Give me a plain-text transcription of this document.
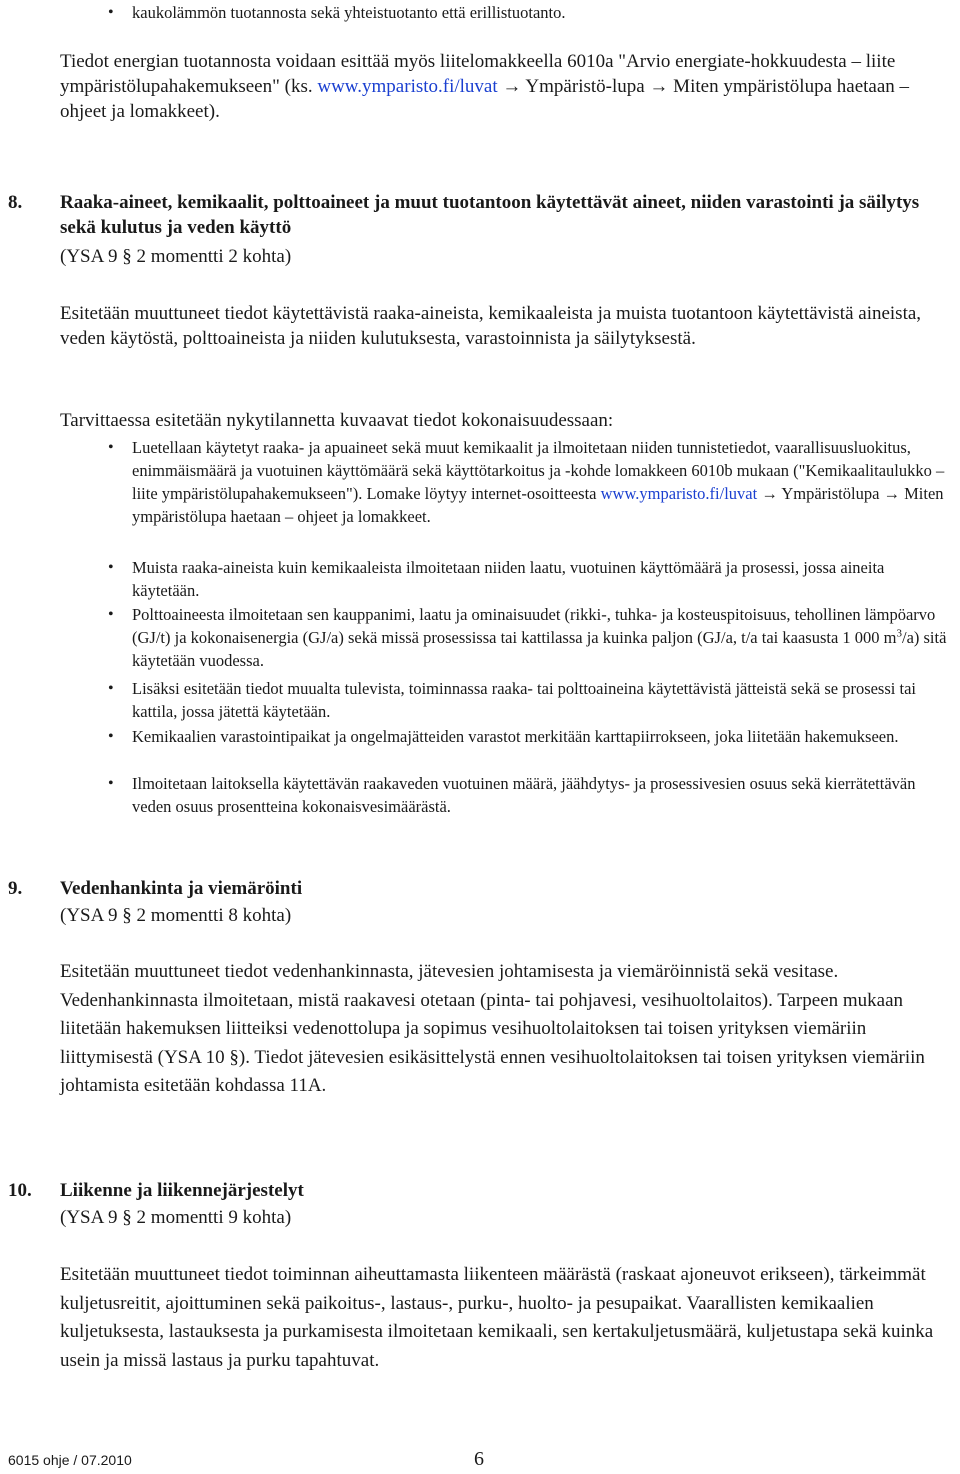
• kaukolämmön tuotannosta sekä yhteistuotanto että erillistuotanto.

Tiedot energian tuotannosta voidaan esittää myös liitelomakkeella 6010a "Arvio energiate-hokkuudesta – liite ympäristölupahakemukseen" (ks. www.ymparisto.fi/luvat → Ympäristö-lupa → Miten ympäristölupa haetaan – ohjeet ja lomakkeet).

8. Raaka-aineet, kemikaalit, polttoaineet ja muut tuotantoon käytettävät aineet, niiden varastointi ja säilytys sekä kulutus ja veden käyttö

(YSA 9 § 2 momentti 2 kohta)

Esitetään muuttuneet tiedot käytettävistä raaka-aineista, kemikaaleista ja muista tuotantoon käytettävistä aineista, veden käytöstä, polttoaineista ja niiden kulutuksesta, varastoinnista ja säilytyksestä.

Tarvittaessa esitetään nykytilannetta kuvaavat tiedot kokonaisuudessaan:

• Luetellaan käytetyt raaka- ja apuaineet sekä muut kemikaalit ja ilmoitetaan niiden tunnistetiedot, vaarallisuusluokitus, enimmäismäärä ja vuotuinen käyttömäärä sekä käyttötarkoitus ja -kohde lomakkeen 6010b mukaan ("Kemikaalitaulukko – liite ympäristölupahakemukseen"). Lomake löytyy internet-osoitteesta www.ymparisto.fi/luvat → Ympäristölupa → Miten ympäristölupa haetaan – ohjeet ja lomakkeet.

• Muista raaka-aineista kuin kemikaaleista ilmoitetaan niiden laatu, vuotuinen käyttömäärä ja prosessi, jossa aineita käytetään.

• Polttoaineesta ilmoitetaan sen kauppanimi, laatu ja ominaisuudet (rikki-, tuhka- ja kosteuspitoisuus, tehollinen lämpöarvo (GJ/t) ja kokonaisenergia (GJ/a) sekä missä prosessissa tai kattilassa ja kuinka paljon (GJ/a, t/a tai kaasusta 1 000 $m^3/a$) sitä käytetään vuodessa.

• Lisäksi esitetään tiedot muualta tulevista, toiminnassa raaka- tai polttoaineina käytettävistä jätteistä sekä se prosessi tai kattila, jossa jätettä käytetään.

• Kemikaalien varastointipaikat ja ongelmajätteiden varastot merkitään karttapiirrokseen, joka liitetään hakemukseen.

• Ilmoitetaan laitoksella käytettävän raakaveden vuotuinen määrä, jäähdytys- ja prosessivesien osuus sekä kierrätettävän veden osuus prosentteina kokonaisvesimäärästä.

9. Vedenhankinta ja viemäröinti

(YSA 9 § 2 momentti 8 kohta)

Esitetään muuttuneet tiedot vedenhankinnasta, jätevesien johtamisesta ja viemäröinnistä sekä vesitase. Vedenhankinnasta ilmoitetaan, mistä raakavesi otetaan (pinta- tai pohjavesi, vesihuoltolaitos). Tarpeen mukaan liitetään hakemuksen liitteiksi vedenottolupa ja sopimus vesihuoltolaitoksen tai toisen yrityksen viemäriin liittymisestä (YSA 10 §). Tiedot jätevesien esikäsittelystä ennen vesihuoltolaitoksen tai toisen yrityksen viemäriin johtamista esitetään kohdassa 11A.

10. Liikenne ja liikennejärjestelyt

(YSA 9 § 2 momentti 9 kohta)

Esitetään muuttuneet tiedot toiminnan aiheuttamasta liikenteen määrästä (raskaat ajoneuvot erikseen), tärkeimmät kuljetusreitit, ajoittuminen sekä paikoitus-, lastaus-, purku-, huolto- ja pesupaikat. Vaarallisten kemikaalien kuljetuksesta, lastauksesta ja purkamisesta ilmoitetaan kemikaali, sen kertakuljetusmäärä, kuljetustapa sekä kuinka usein ja missä lastaus ja purku tapahtuvat.

6015 ohje / 07.2010	6
